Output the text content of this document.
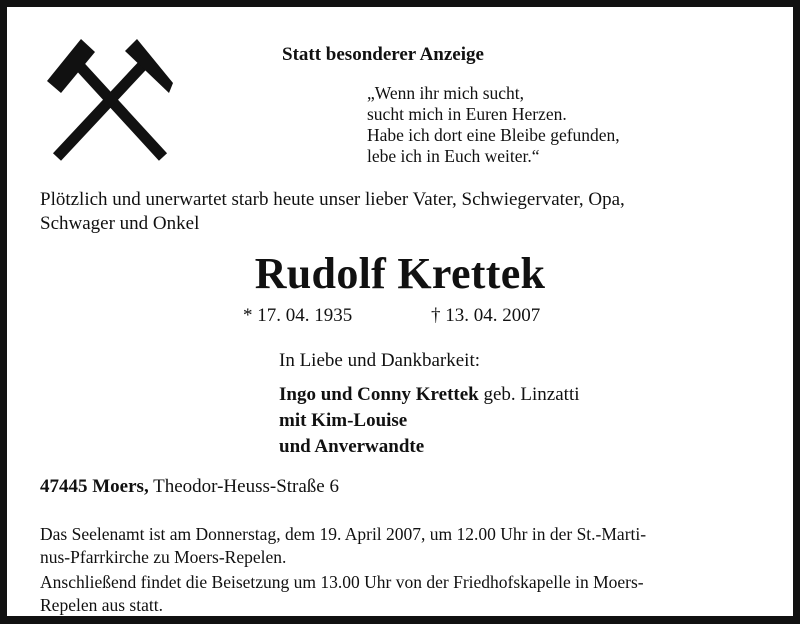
Statt besonderer Anzeige
„Wenn ihr mich sucht,
sucht mich in Euren Herzen.
Habe ich dort eine Bleibe gefunden,
lebe ich in Euch weiter.“
Plötzlich und unerwartet starb heute unser lieber Vater, Schwiegervater, Opa,
Schwager und Onkel
Rudolf Krettek
* 17. 04. 1935	† 13. 04. 2007
In Liebe und Dankbarkeit:
Ingo und Conny Krettek geb. Linzatti
mit Kim-Louise
und Anverwandte
47445 Moers, Theodor-Heuss-Straße 6
Das Seelenamt ist am Donnerstag, dem 19. April 2007, um 12.00 Uhr in der St.-Marti-
nus-Pfarrkirche zu Moers-Repelen.
Anschließend findet die Beisetzung um 13.00 Uhr von der Friedhofskapelle in Moers-
Repelen aus statt.
